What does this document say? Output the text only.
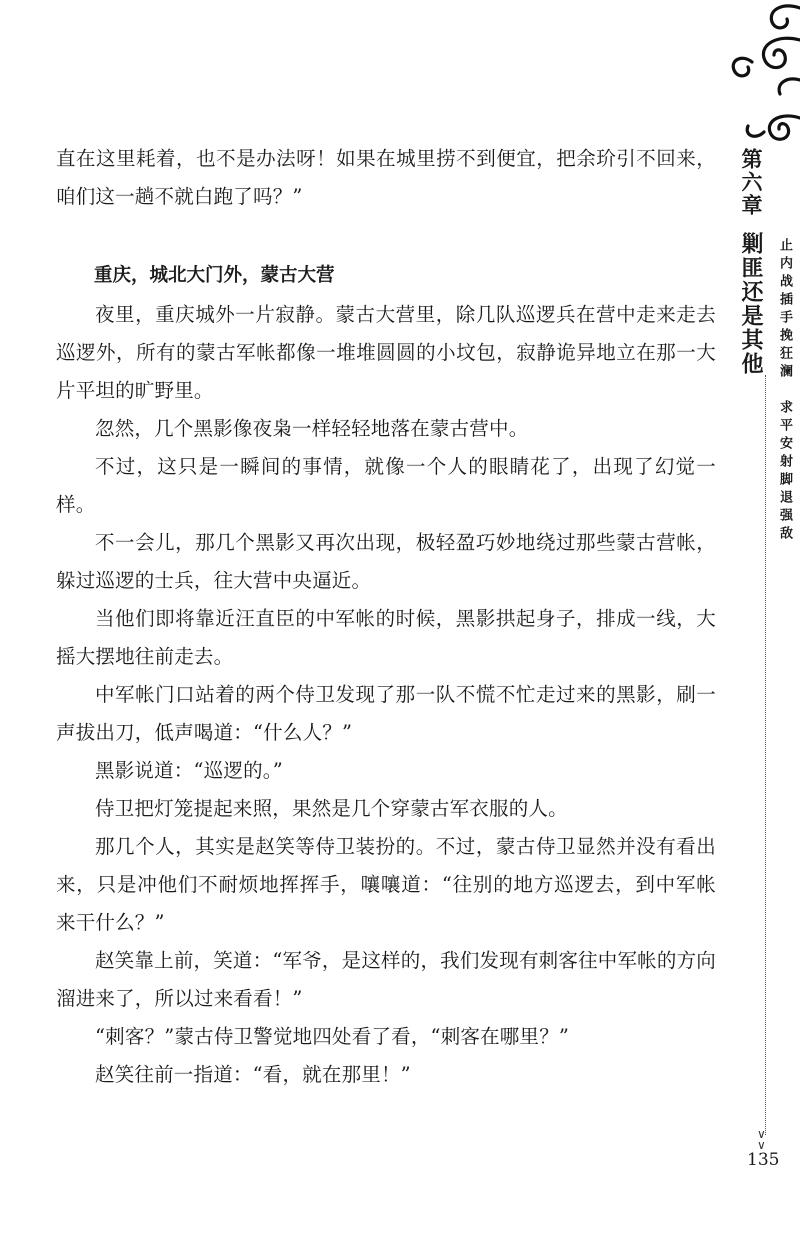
第六章
剿匪还是其他 止内战插手挽狂澜
求平安射脚退强敌
∨
∨
135

直在这里耗着，也不是办法呀！如果在城里捞不到便宜，把余玠引不回来，咱们这一趟不就白跑了吗？”

重庆，城北大门外，蒙古大营

夜里，重庆城外一片寂静。蒙古大营里，除几队巡逻兵在营中走来走去巡逻外，所有的蒙古军帐都像一堆堆圆圆的小坟包，寂静诡异地立在那一大片平坦的旷野里。

忽然，几个黑影像夜枭一样轻轻地落在蒙古营中。

不过，这只是一瞬间的事情，就像一个人的眼睛花了，出现了幻觉一样。

不一会儿，那几个黑影又再次出现，极轻盈巧妙地绕过那些蒙古营帐，躲过巡逻的士兵，往大营中央逼近。

当他们即将靠近汪直臣的中军帐的时候，黑影拱起身子，排成一线，大摇大摆地往前走去。

中军帐门口站着的两个侍卫发现了那一队不慌不忙走过来的黑影，刷一声拔出刀，低声喝道：“什么人？”

黑影说道：“巡逻的。”

侍卫把灯笼提起来照，果然是几个穿蒙古军衣服的人。

那几个人，其实是赵笑等侍卫装扮的。不过，蒙古侍卫显然并没有看出来，只是冲他们不耐烦地挥挥手，嚷嚷道：“往别的地方巡逻去，到中军帐来干什么？”

赵笑靠上前，笑道：“军爷，是这样的，我们发现有刺客往中军帐的方向溜进来了，所以过来看看！”

“刺客？”蒙古侍卫警觉地四处看了看，“刺客在哪里？”

赵笑往前一指道：“看，就在那里！”
